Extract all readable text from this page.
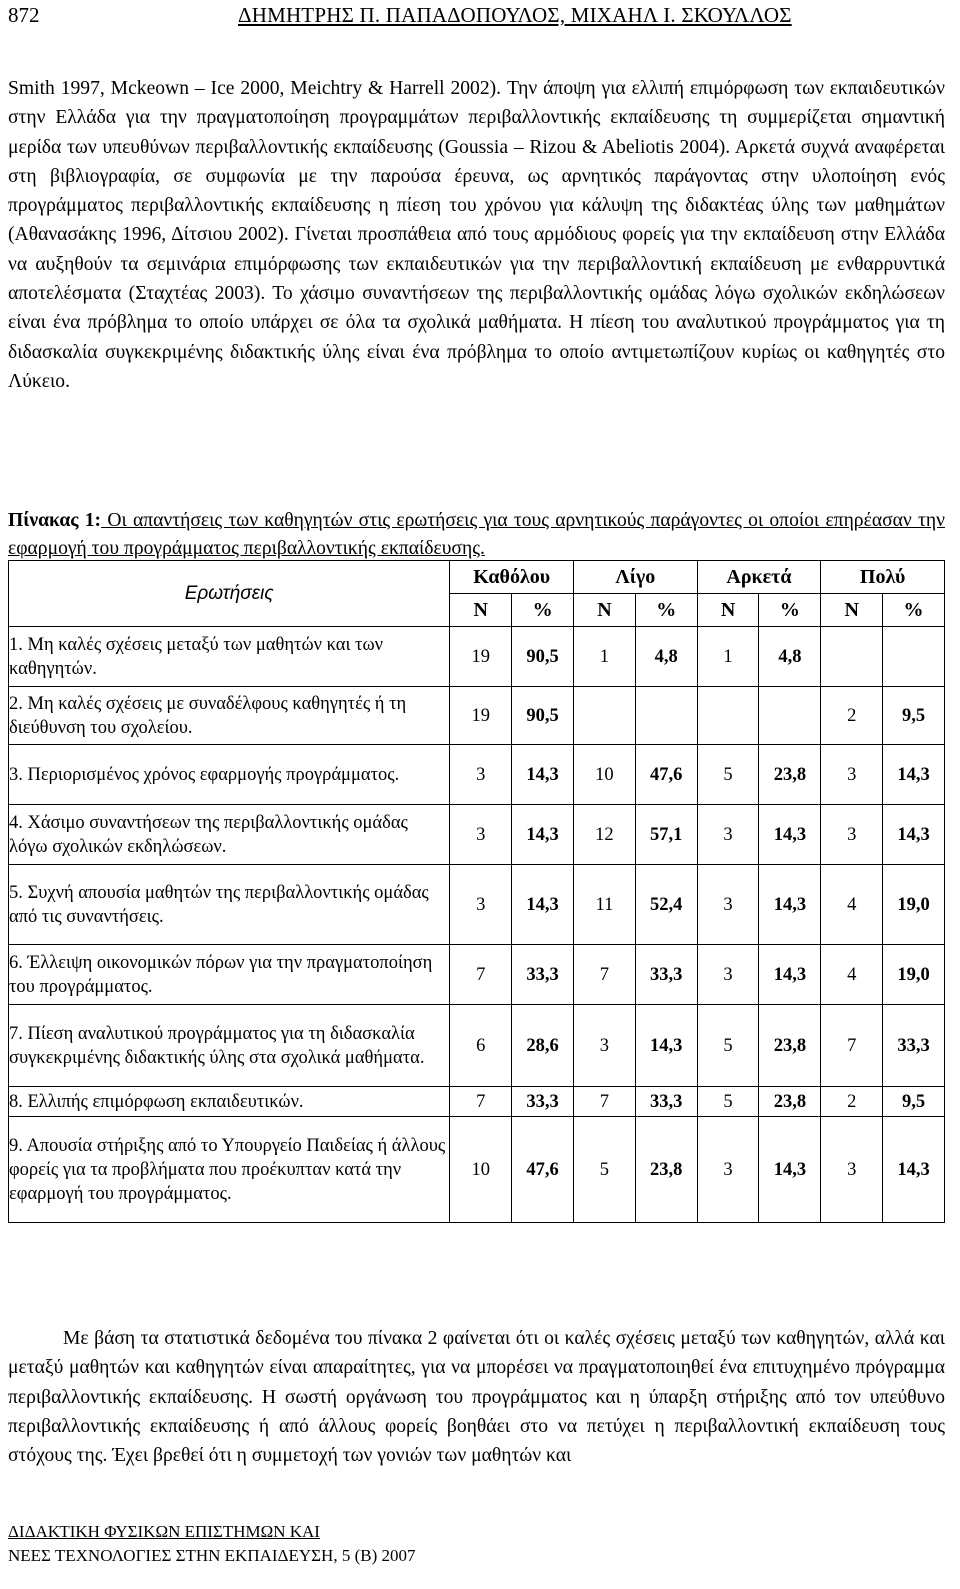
872	ΔΗΜΗΤΡΗΣ Π. ΠΑΠΑΔΟΠΟΥΛΟΣ, ΜΙΧΑΗΛ Ι. ΣΚΟΥΛΛΟΣ

Smith 1997, Mckeown – Ice 2000, Meichtry & Harrell 2002). Την άποψη για ελλιπή επιμόρφωση των εκπαιδευτικών στην Ελλάδα για την πραγματοποίηση προγραμμάτων περιβαλλοντικής εκπαίδευσης τη συμμερίζεται σημαντική μερίδα των υπευθύνων περιβαλλοντικής εκπαίδευσης (Goussia – Rizou & Abeliotis 2004). Αρκετά συχνά αναφέρεται στη βιβλιογραφία, σε συμφωνία με την παρούσα έρευνα, ως αρνητικός παράγοντας στην υλοποίηση ενός προγράμματος περιβαλλοντικής εκπαίδευσης η πίεση του χρόνου για κάλυψη της διδακτέας ύλης των μαθημάτων (Αθανασάκης 1996, Δίτσιου 2002). Γίνεται προσπάθεια από τους αρμόδιους φορείς για την εκπαίδευση στην Ελλάδα να αυξηθούν τα σεμινάρια επιμόρφωσης των εκπαιδευτικών για την περιβαλλοντική εκπαίδευση με ενθαρρυντικά αποτελέσματα (Σταχτέας 2003). Το χάσιμο συναντήσεων της περιβαλλοντικής ομάδας λόγω σχολικών εκδηλώσεων είναι ένα πρόβλημα το οποίο υπάρχει σε όλα τα σχολικά μαθήματα. Η πίεση του αναλυτικού προγράμματος για τη διδασκαλία συγκεκριμένης διδακτικής ύλης είναι ένα πρόβλημα το οποίο αντιμετωπίζουν κυρίως οι καθηγητές στο Λύκειο.

Πίνακας 1: Οι απαντήσεις των καθηγητών στις ερωτήσεις για τους αρνητικούς παράγοντες οι οποίοι επηρέασαν την εφαρμογή του προγράμματος περιβαλλοντικής εκπαίδευσης.

Ερωτήσεις	Καθόλου		Λίγο		Αρκετά		Πολύ	
	N	%	N	%	N	%	N	%
1. Μη καλές σχέσεις μεταξύ των μαθητών και των καθηγητών.	19	90,5	1	4,8	1	4,8		
2. Μη καλές σχέσεις με συναδέλφους καθηγητές ή τη διεύθυνση του σχολείου.	19	90,5					2	9,5
3. Περιορισμένος χρόνος εφαρμογής προγράμματος.	3	14,3	10	47,6	5	23,8	3	14,3
4. Χάσιμο συναντήσεων της περιβαλλοντικής ομάδας λόγω σχολικών εκδηλώσεων.	3	14,3	12	57,1	3	14,3	3	14,3
5. Συχνή απουσία μαθητών της περιβαλλοντικής ομάδας από τις συναντήσεις.	3	14,3	11	52,4	3	14,3	4	19,0
6. Έλλειψη οικονομικών πόρων για την πραγματοποίηση του προγράμματος.	7	33,3	7	33,3	3	14,3	4	19,0
7. Πίεση αναλυτικού προγράμματος για τη διδασκαλία συγκεκριμένης διδακτικής ύλης στα σχολικά μαθήματα.	6	28,6	3	14,3	5	23,8	7	33,3
8. Ελλιπής επιμόρφωση εκπαιδευτικών.	7	33,3	7	33,3	5	23,8	2	9,5
9. Απουσία στήριξης από το Υπουργείο Παιδείας ή άλλους φορείς για τα προβλήματα που προέκυπταν κατά την εφαρμογή του προγράμματος.	10	47,6	5	23,8	3	14,3	3	14,3

Με βάση τα στατιστικά δεδομένα του πίνακα 2 φαίνεται ότι οι καλές σχέσεις μεταξύ των καθηγητών, αλλά και μεταξύ μαθητών και καθηγητών είναι απαραίτητες, για να μπορέσει να πραγματοποιηθεί ένα επιτυχημένο πρόγραμμα περιβαλλοντικής εκπαίδευσης. Η σωστή οργάνωση του προγράμματος και η ύπαρξη στήριξης από τον υπεύθυνο περιβαλλοντικής εκπαίδευσης ή από άλλους φορείς βοηθάει στο να πετύχει η περιβαλλοντική εκπαίδευση τους στόχους της. Έχει βρεθεί ότι η συμμετοχή των γονιών των μαθητών και

ΔΙΔΑΚΤΙΚΗ ΦΥΣΙΚΩΝ ΕΠΙΣΤΗΜΩΝ ΚΑΙ
ΝΕΕΣ ΤΕΧΝΟΛΟΓΙΕΣ ΣΤΗΝ ΕΚΠΑΙΔΕΥΣΗ, 5 (Β) 2007
